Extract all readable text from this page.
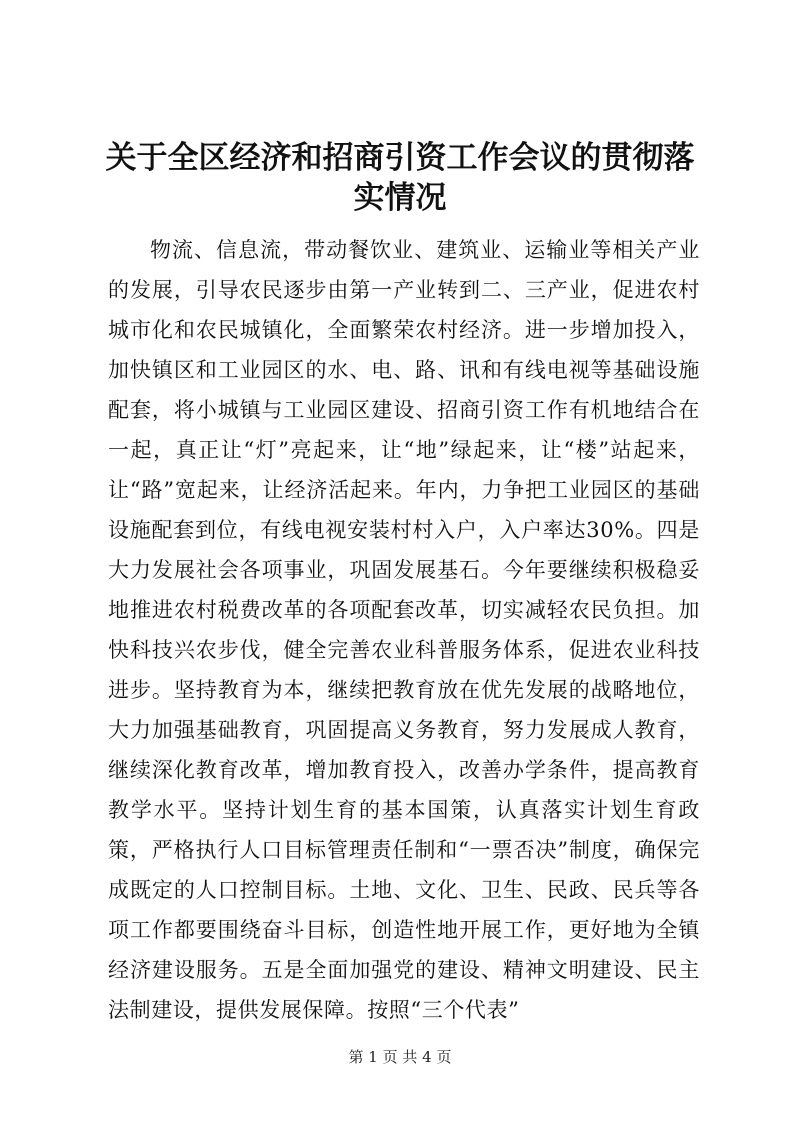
关于全区经济和招商引资工作会议的贯彻落实情况

物流、信息流，带动餐饮业、建筑业、运输业等相关产业的发展，引导农民逐步由第一产业转到二、三产业，促进农村城市化和农民城镇化，全面繁荣农村经济。进一步增加投入，加快镇区和工业园区的水、电、路、讯和有线电视等基础设施配套，将小城镇与工业园区建设、招商引资工作有机地结合在一起，真正让“灯”亮起来，让“地”绿起来，让“楼”站起来，让“路”宽起来，让经济活起来。年内，力争把工业园区的基础设施配套到位，有线电视安装村村入户，入户率达30%。四是大力发展社会各项事业，巩固发展基石。今年要继续积极稳妥地推进农村税费改革的各项配套改革，切实减轻农民负担。加快科技兴农步伐，健全完善农业科普服务体系，促进农业科技进步。坚持教育为本，继续把教育放在优先发展的战略地位，大力加强基础教育，巩固提高义务教育，努力发展成人教育，继续深化教育改革，增加教育投入，改善办学条件，提高教育教学水平。坚持计划生育的基本国策，认真落实计划生育政策，严格执行人口目标管理责任制和“一票否决”制度，确保完成既定的人口控制目标。土地、文化、卫生、民政、民兵等各项工作都要围绕奋斗目标，创造性地开展工作，更好地为全镇经济建设服务。五是全面加强党的建设、精神文明建设、民主法制建设，提供发展保障。按照“三个代表”

第 1 页 共 4 页
